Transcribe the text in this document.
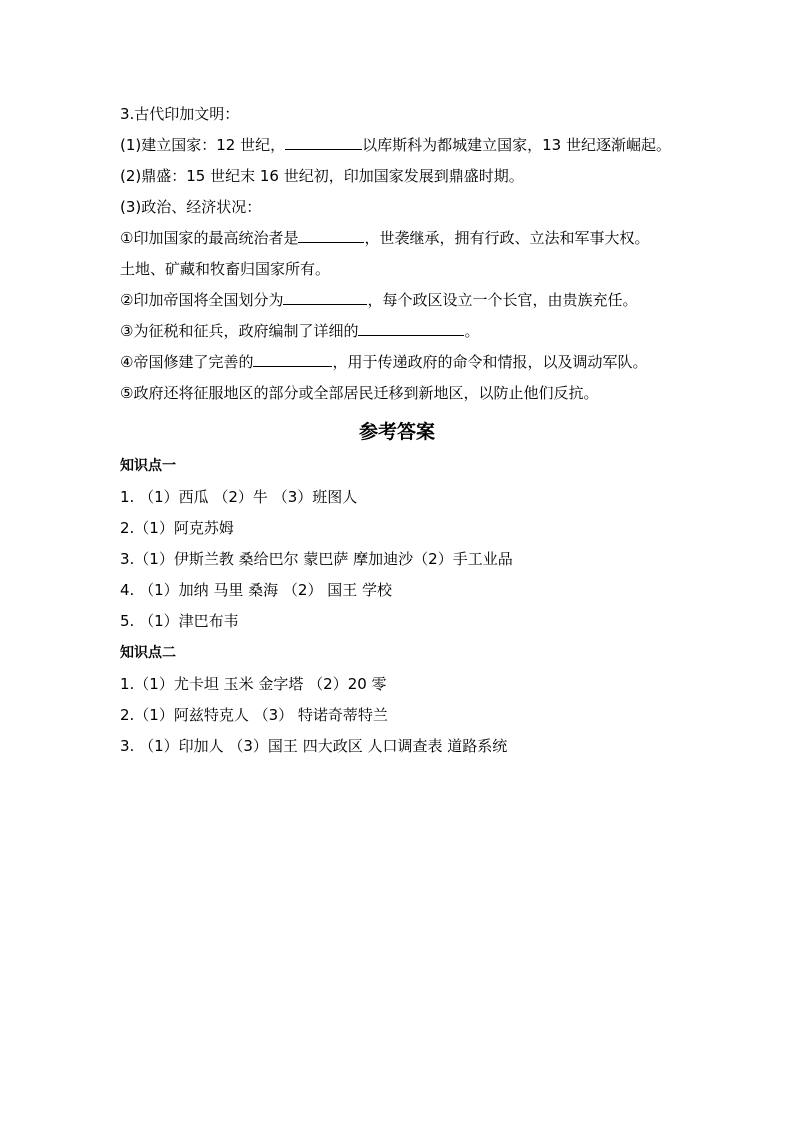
3.古代印加文明：
(1)建立国家：12 世纪，	以库斯科为都城建立国家，13 世纪逐渐崛起。
(2)鼎盛：15 世纪末 16 世纪初，印加国家发展到鼎盛时期。
(3)政治、经济状况：
①印加国家的最高统治者是	，世袭继承，拥有行政、立法和军事大权。
土地、矿藏和牧畜归国家所有。
②印加帝国将全国划分为	，每个政区设立一个长官，由贵族充任。
③为征税和征兵，政府编制了详细的	。
④帝国修建了完善的	，用于传递政府的命令和情报，以及调动军队。
⑤政府还将征服地区的部分或全部居民迁移到新地区，以防止他们反抗。
参考答案
知识点一
1. （1）西瓜 （2）牛 （3）班图人
2.（1）阿克苏姆
3.（1）伊斯兰教 桑给巴尔 蒙巴萨 摩加迪沙（2）手工业品
4. （1）加纳 马里 桑海 （2） 国王 学校
5. （1）津巴布韦
知识点二
1.（1）尤卡坦 玉米 金字塔 （2）20 零
2.（1）阿兹特克人 （3） 特诺奇蒂特兰
3. （1）印加人 （3）国王 四大政区 人口调查表 道路系统
